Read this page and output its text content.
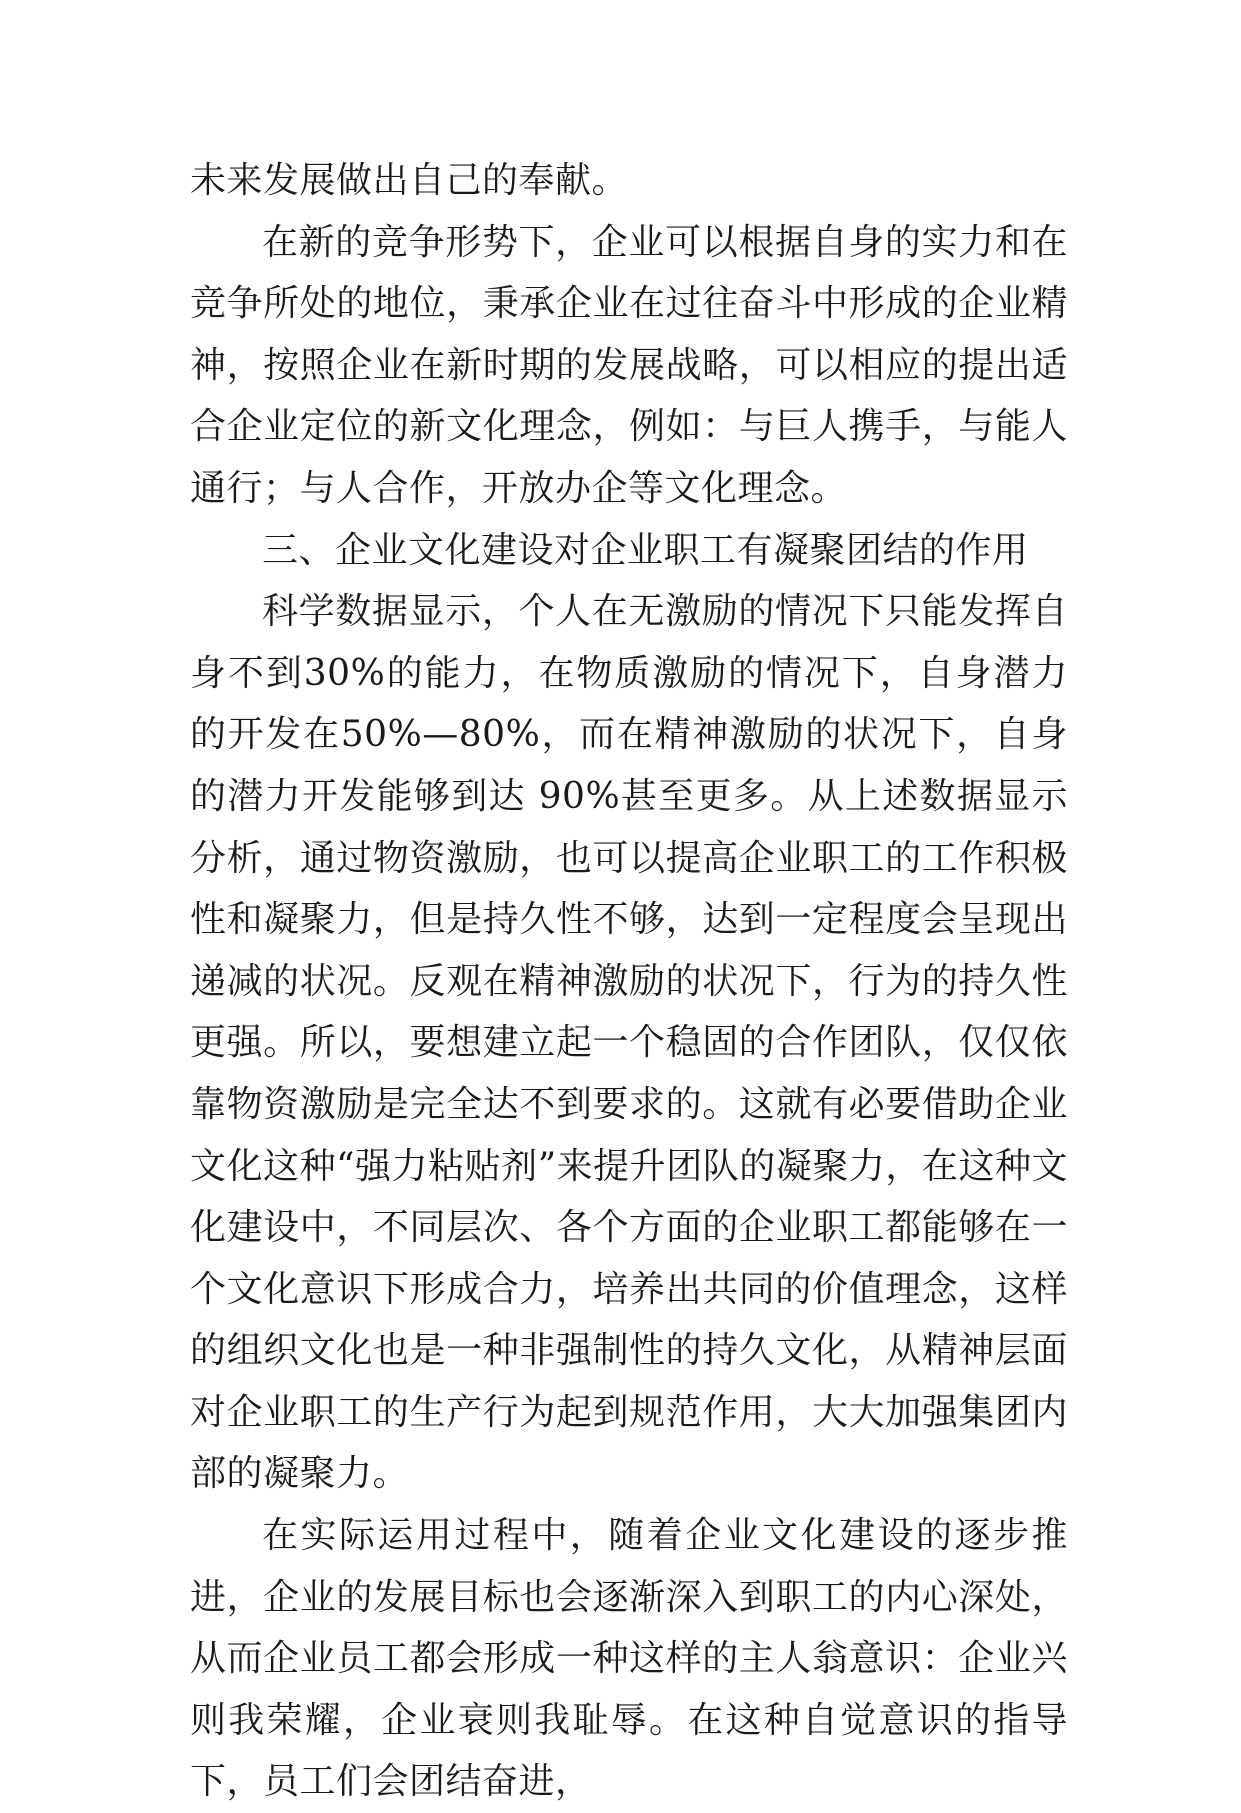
未来发展做出自己的奉献。

在新的竞争形势下，企业可以根据自身的实力和在竞争所处的地位，秉承企业在过往奋斗中形成的企业精神，按照企业在新时期的发展战略，可以相应的提出适合企业定位的新文化理念，例如：与巨人携手，与能人通行；与人合作，开放办企等文化理念。

三、企业文化建设对企业职工有凝聚团结的作用

科学数据显示，个人在无激励的情况下只能发挥自身不到30%的能力，在物质激励的情况下，自身潜力的开发在50%—80%，而在精神激励的状况下，自身的潜力开发能够到达 90%甚至更多。从上述数据显示分析，通过物资激励，也可以提高企业职工的工作积极性和凝聚力，但是持久性不够，达到一定程度会呈现出递减的状况。反观在精神激励的状况下，行为的持久性更强。所以，要想建立起一个稳固的合作团队，仅仅依靠物资激励是完全达不到要求的。这就有必要借助企业文化这种“强力粘贴剂”来提升团队的凝聚力，在这种文化建设中，不同层次、各个方面的企业职工都能够在一个文化意识下形成合力，培养出共同的价值理念，这样的组织文化也是一种非强制性的持久文化，从精神层面对企业职工的生产行为起到规范作用，大大加强集团内部的凝聚力。

在实际运用过程中，随着企业文化建设的逐步推进，企业的发展目标也会逐渐深入到职工的内心深处，从而企业员工都会形成一种这样的主人翁意识：企业兴则我荣耀，企业衰则我耻辱。在这种自觉意识的指导下，员工们会团结奋进，
